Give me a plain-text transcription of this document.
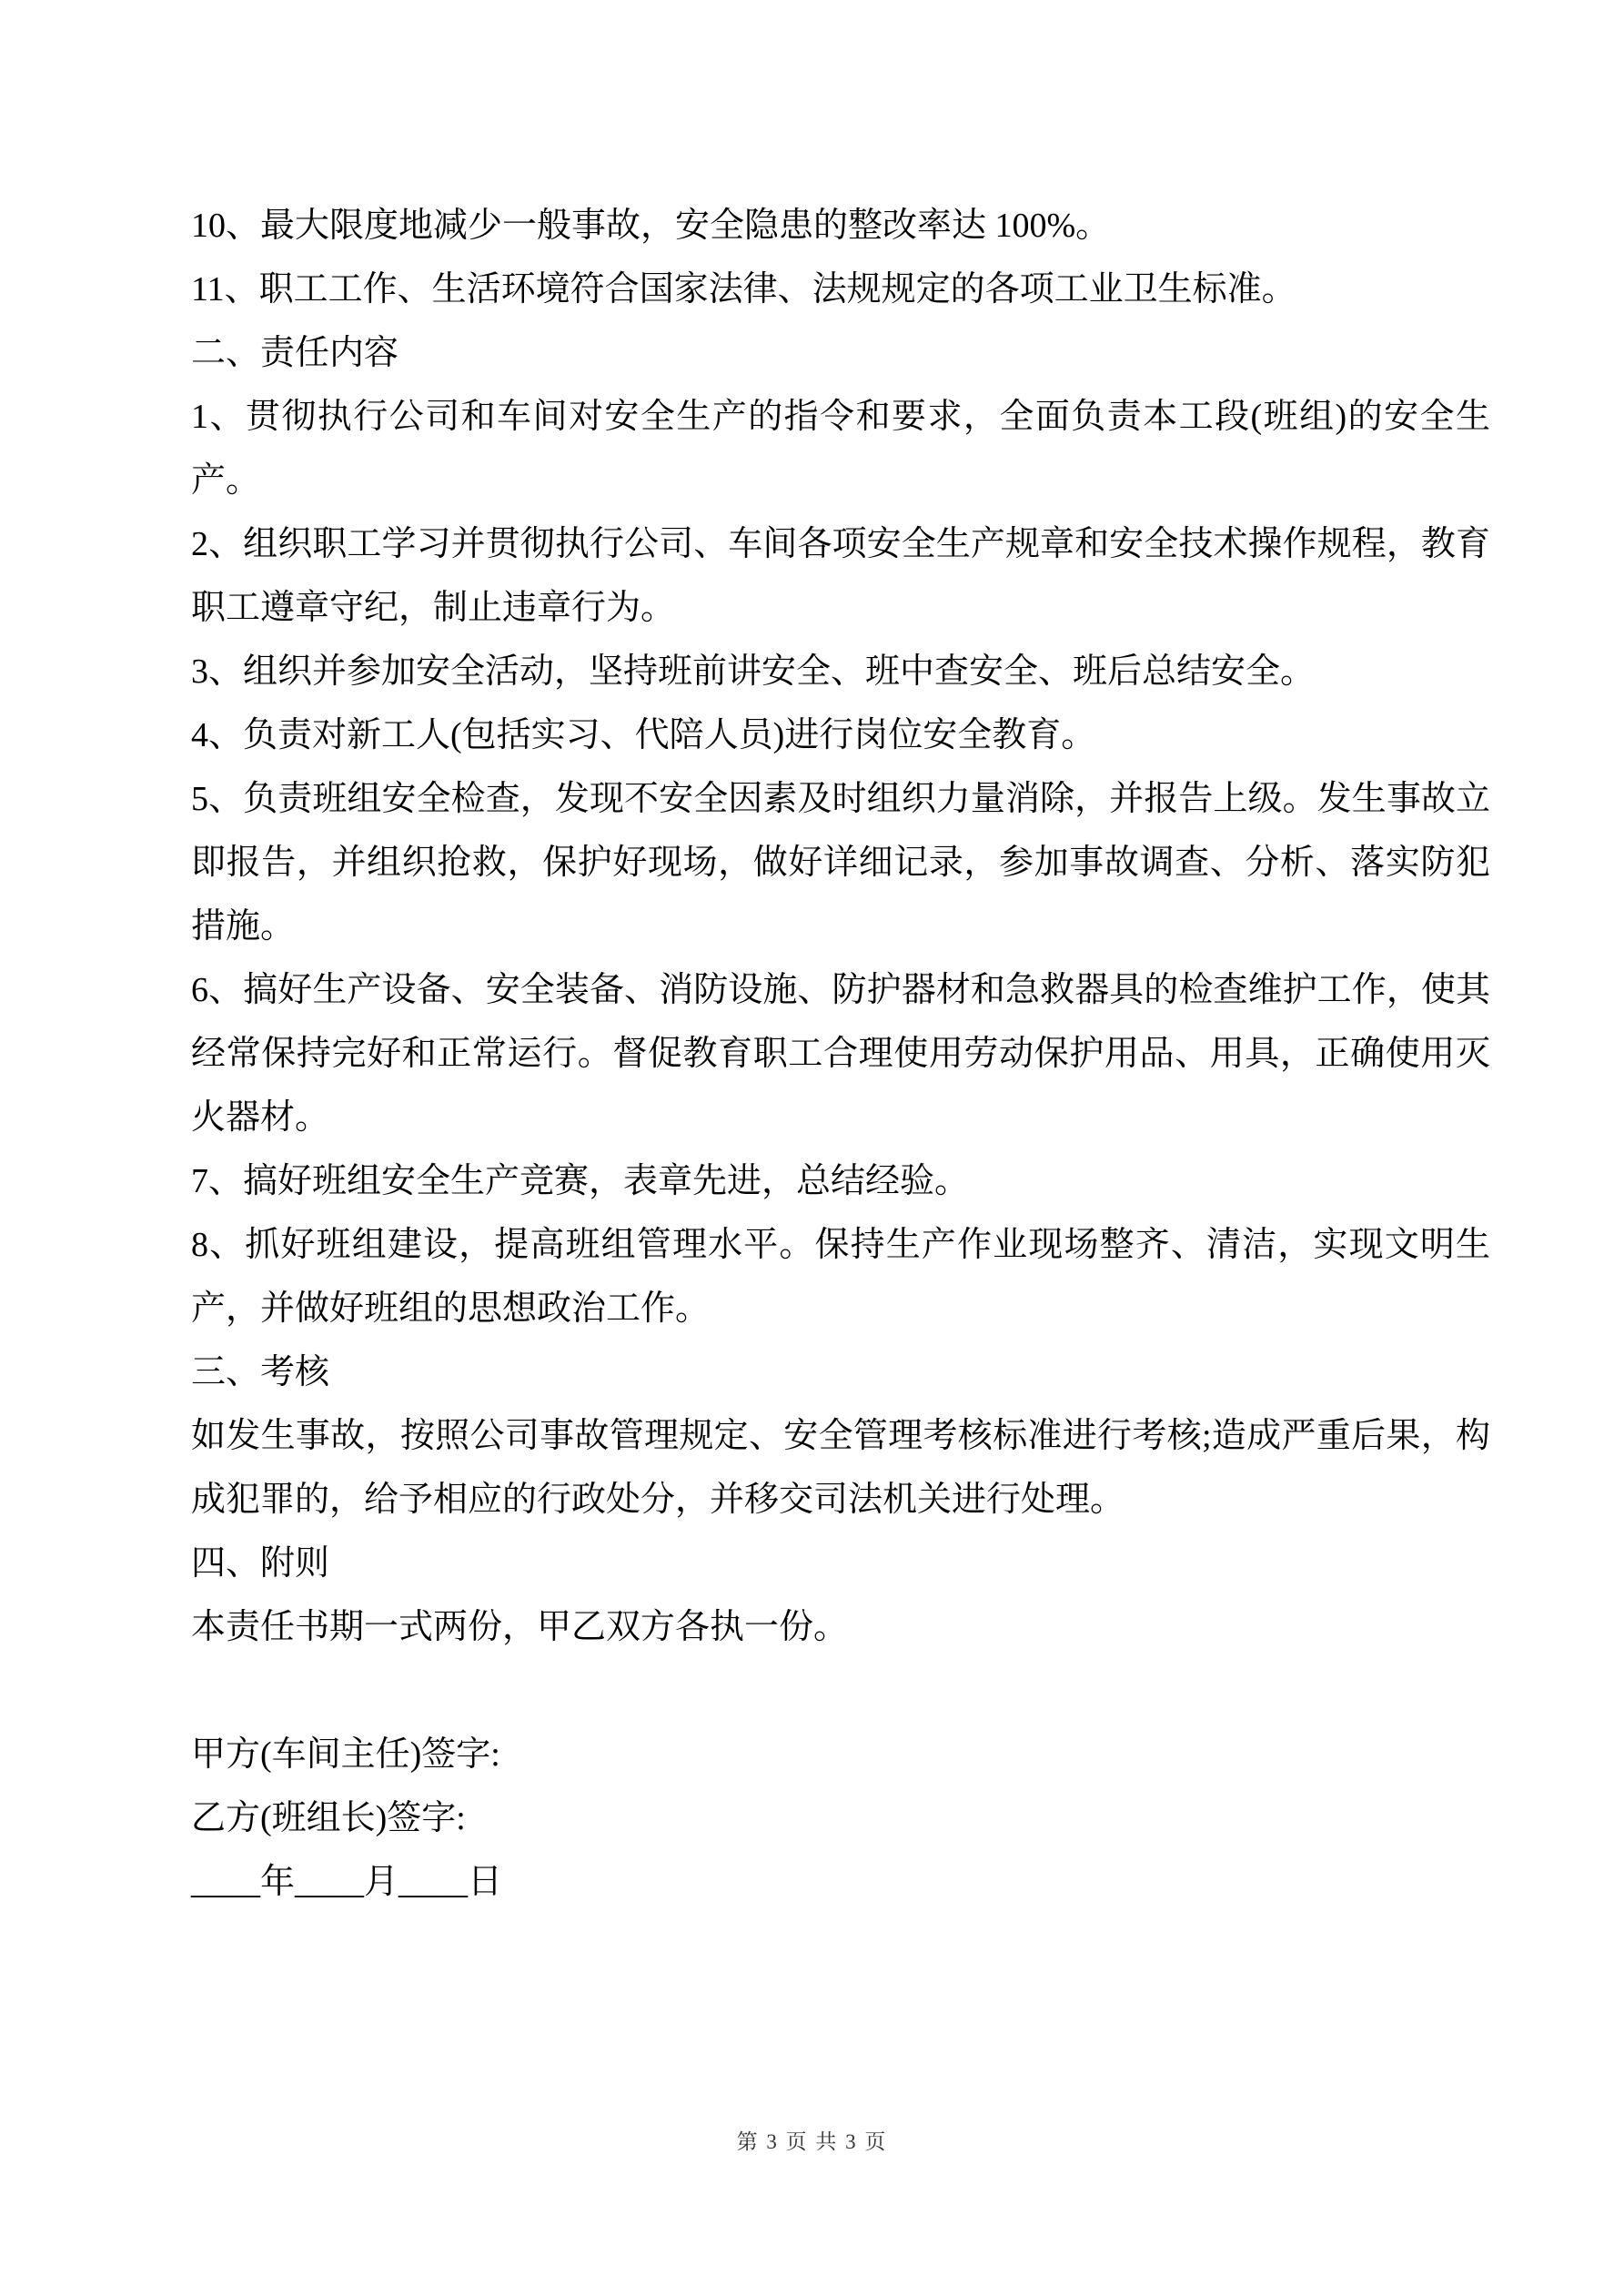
10、最大限度地减少一般事故，安全隐患的整改率达 100%。

11、职工工作、生活环境符合国家法律、法规规定的各项工业卫生标准。

二、责任内容

1、贯彻执行公司和车间对安全生产的指令和要求，全面负责本工段(班组)的安全生产。

2、组织职工学习并贯彻执行公司、车间各项安全生产规章和安全技术操作规程，教育职工遵章守纪，制止违章行为。

3、组织并参加安全活动，坚持班前讲安全、班中查安全、班后总结安全。

4、负责对新工人(包括实习、代陪人员)进行岗位安全教育。

5、负责班组安全检查，发现不安全因素及时组织力量消除，并报告上级。发生事故立即报告，并组织抢救，保护好现场，做好详细记录，参加事故调查、分析、落实防犯措施。

6、搞好生产设备、安全装备、消防设施、防护器材和急救器具的检查维护工作，使其经常保持完好和正常运行。督促教育职工合理使用劳动保护用品、用具，正确使用灭火器材。

7、搞好班组安全生产竞赛，表章先进，总结经验。

8、抓好班组建设，提高班组管理水平。保持生产作业现场整齐、清洁，实现文明生产，并做好班组的思想政治工作。

三、考核

如发生事故，按照公司事故管理规定、安全管理考核标准进行考核;造成严重后果，构成犯罪的，给予相应的行政处分，并移交司法机关进行处理。

四、附则

本责任书期一式两份，甲乙双方各执一份。

甲方(车间主任)签字:

乙方(班组长)签字:

____年____月____日

第 3 页 共 3 页
